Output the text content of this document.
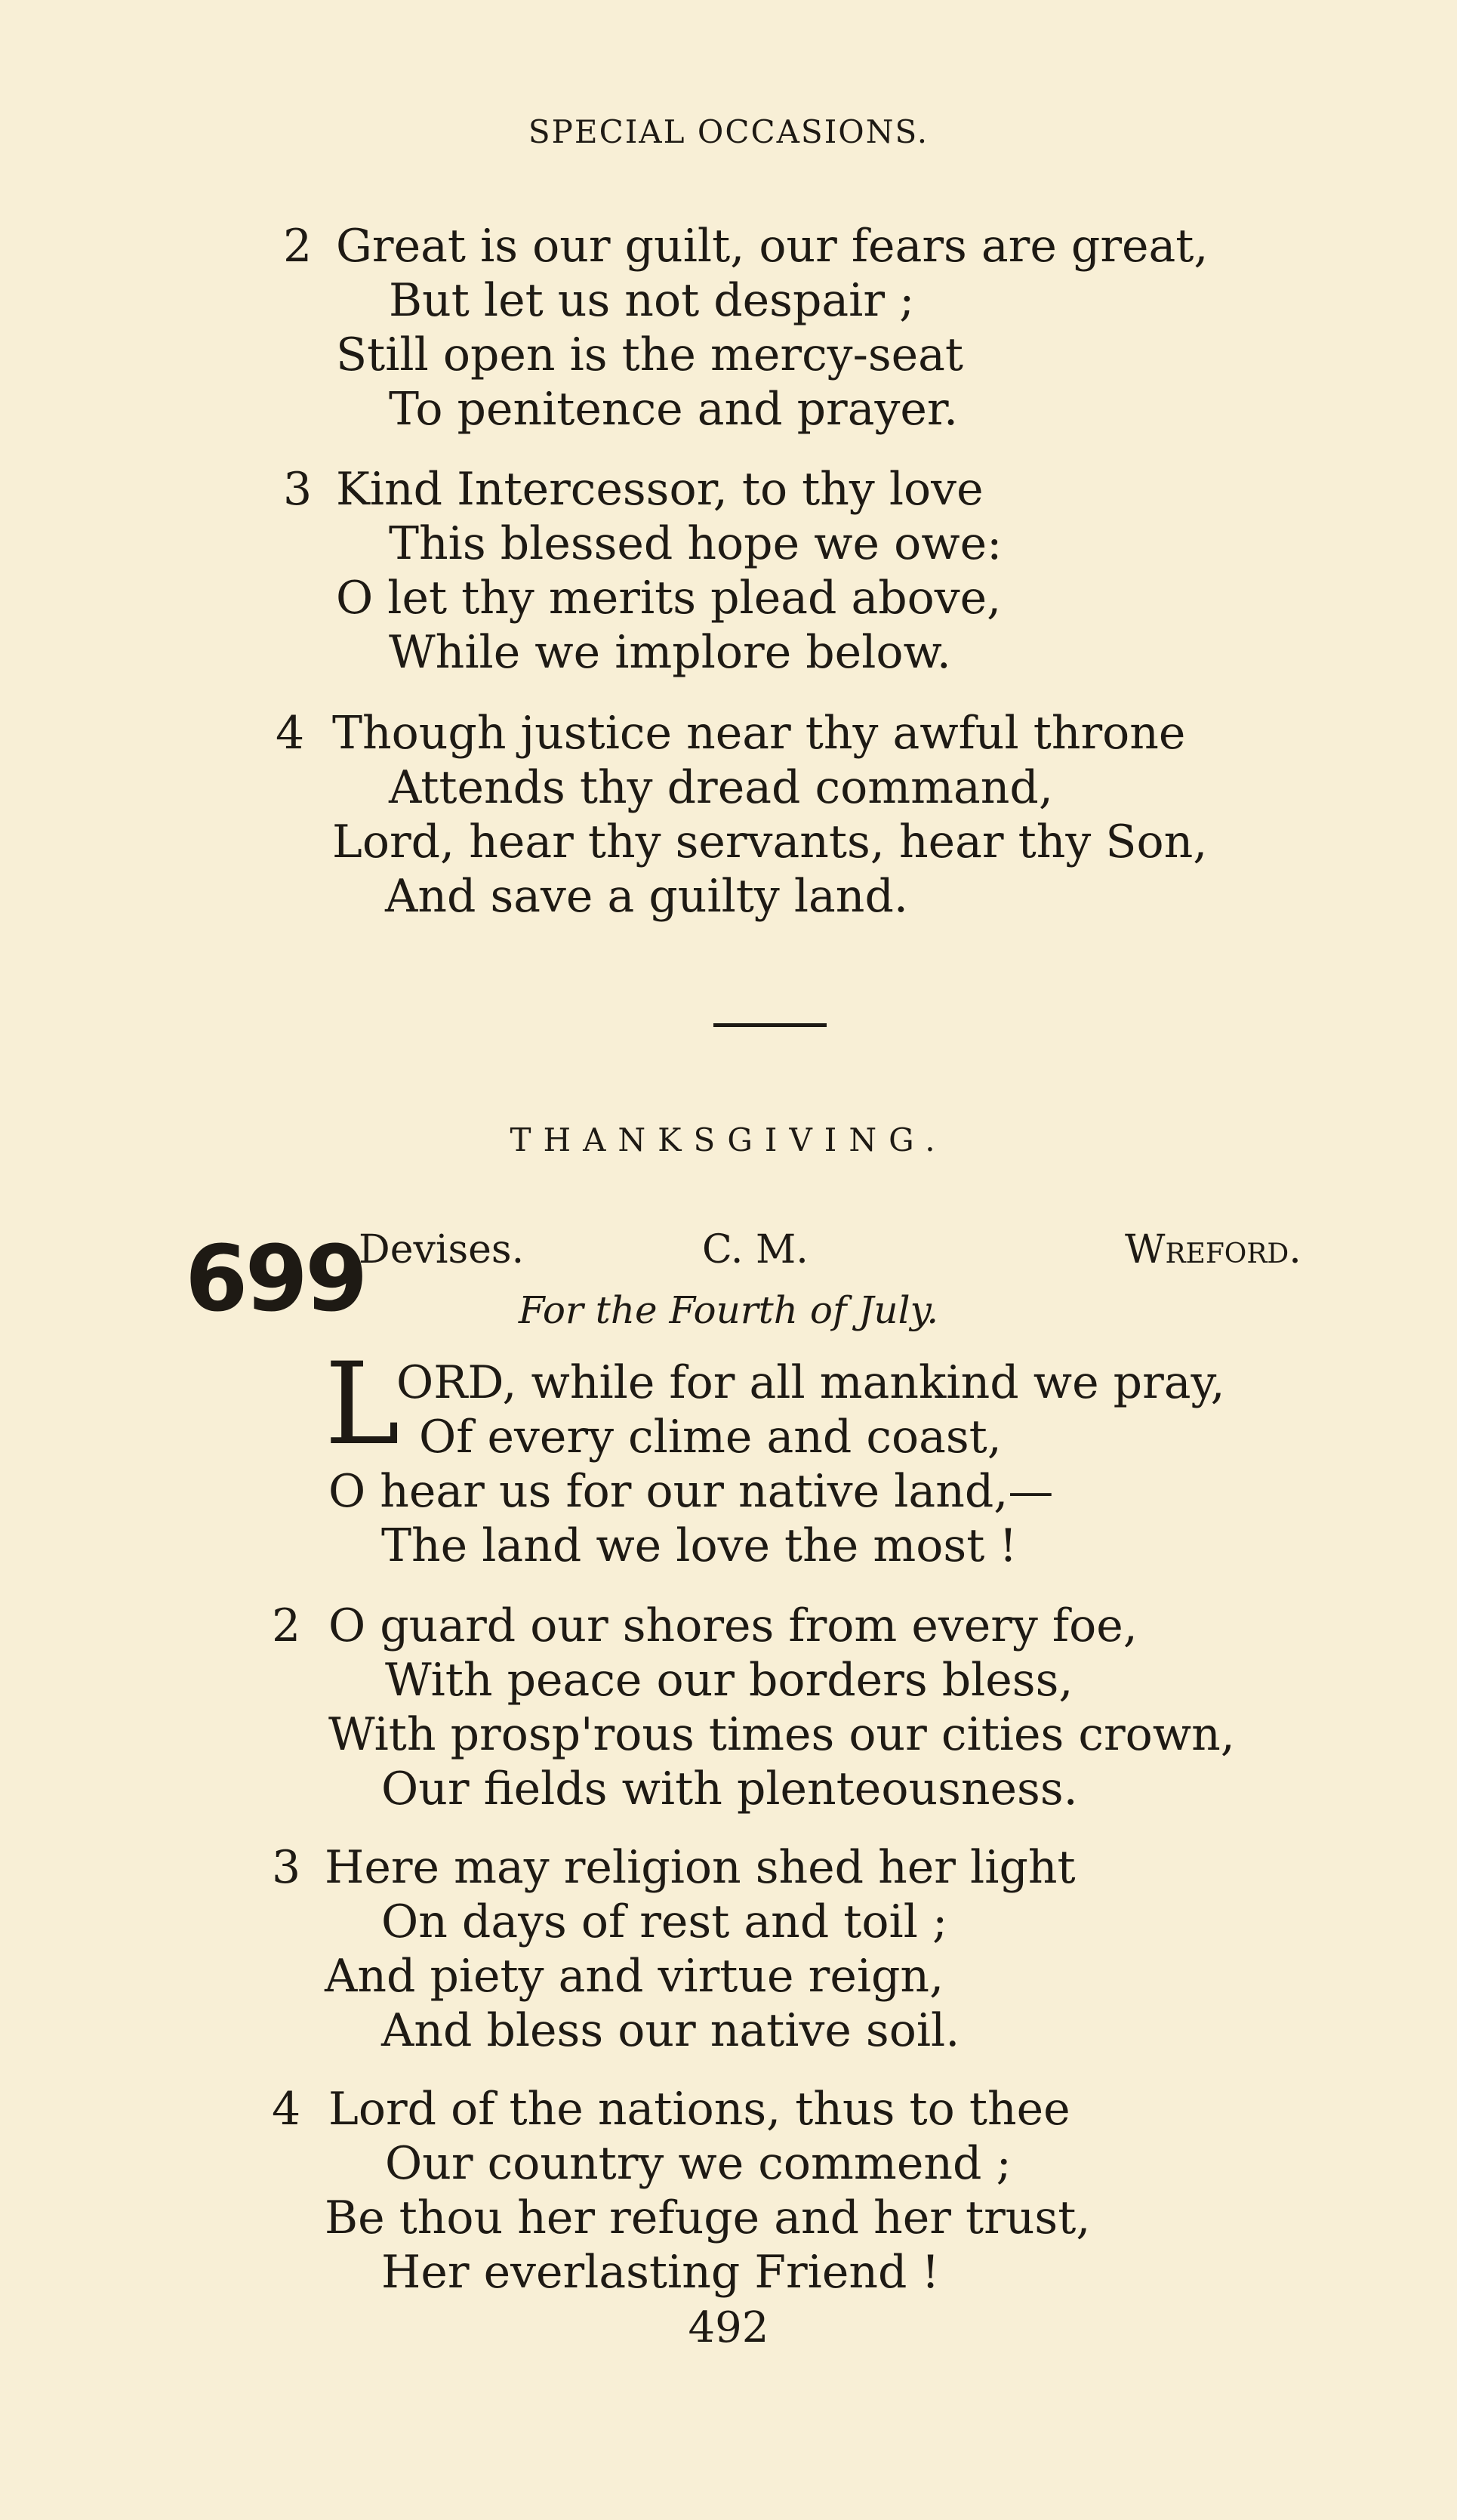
SPECIAL OCCASIONS.
2 Great is our guilt, our fears are great,
But let us not despair ;
Still open is the mercy-seat
To penitence and prayer.
3 Kind Intercessor, to thy love
This blessed hope we owe:
O let thy merits plead above,
While we implore below.
4 Though justice near thy awful throne
Attends thy dread command,
Lord, hear thy servants, hear thy Son,
And save a guilty land.
THANKSGIVING.
699
Devises.	C. M.	Wreford.
For the Fourth of July.
L
ORD, while for all mankind we pray,
Of every clime and coast,
O hear us for our native land,—
The land we love the most !
2 O guard our shores from every foe,
With peace our borders bless,
With prosp'rous times our cities crown,
Our fields with plenteousness.
3 Here may religion shed her light
On days of rest and toil ;
And piety and virtue reign,
And bless our native soil.
4 Lord of the nations, thus to thee
Our country we commend ;
Be thou her refuge and her trust,
Her everlasting Friend !
492
